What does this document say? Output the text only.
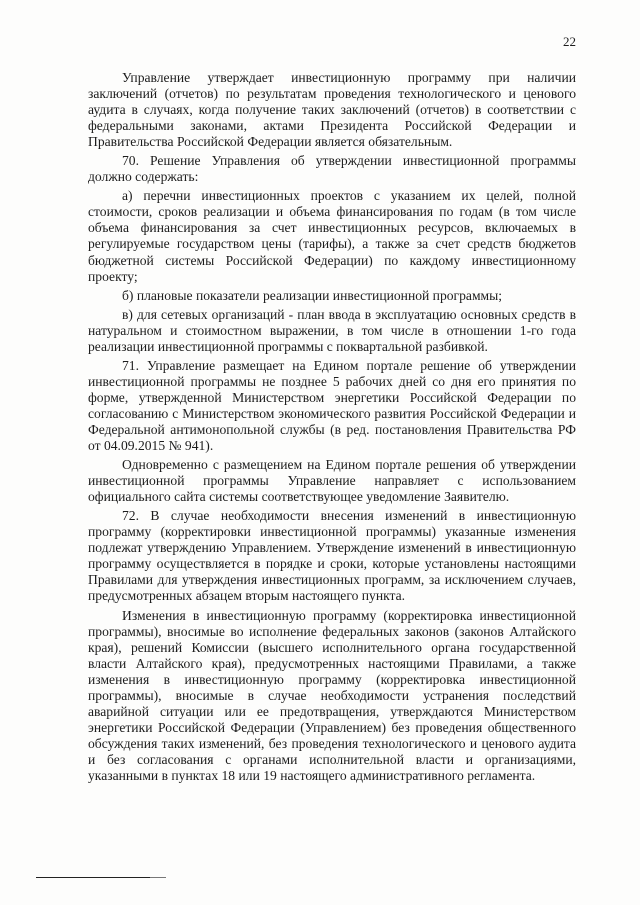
22

Управление утверждает инвестиционную программу при наличии заключений (отчетов) по результатам проведения технологического и ценового аудита в случаях, когда получение таких заключений (отчетов) в соответствии с федеральными законами, актами Президента Российской Федерации и Правительства Российской Федерации является обязательным.

70. Решение Управления об утверждении инвестиционной программы должно содержать:

а) перечни инвестиционных проектов с указанием их целей, полной стоимости, сроков реализации и объема финансирования по годам (в том числе объема финансирования за счет инвестиционных ресурсов, включаемых в регулируемые государством цены (тарифы), а также за счет средств бюджетов бюджетной системы Российской Федерации) по каждому инвестиционному проекту;

б) плановые показатели реализации инвестиционной программы;

в) для сетевых организаций - план ввода в эксплуатацию основных средств в натуральном и стоимостном выражении, в том числе в отношении 1-го года реализации инвестиционной программы с поквартальной разбивкой.

71. Управление размещает на Едином портале решение об утверждении инвестиционной программы не позднее 5 рабочих дней со дня его принятия по форме, утвержденной Министерством энергетики Российской Федерации по согласованию с Министерством экономического развития Российской Федерации и Федеральной антимонопольной службы (в ред. постановления Правительства РФ от 04.09.2015 № 941).

Одновременно с размещением на Едином портале решения об утверждении инвестиционной программы Управление направляет с использованием официального сайта системы соответствующее уведомление Заявителю.

72. В случае необходимости внесения изменений в инвестиционную программу (корректировки инвестиционной программы) указанные изменения подлежат утверждению Управлением. Утверждение изменений в инвестиционную программу осуществляется в порядке и сроки, которые установлены настоящими Правилами для утверждения инвестиционных программ, за исключением случаев, предусмотренных абзацем вторым настоящего пункта.

Изменения в инвестиционную программу (корректировка инвестиционной программы), вносимые во исполнение федеральных законов (законов Алтайского края), решений Комиссии (высшего исполнительного органа государственной власти Алтайского края), предусмотренных настоящими Правилами, а также изменения в инвестиционную программу (корректировка инвестиционной программы), вносимые в случае необходимости устранения последствий аварийной ситуации или ее предотвращения, утверждаются Министерством энергетики Российской Федерации (Управлением) без проведения общественного обсуждения таких изменений, без проведения технологического и ценового аудита и без согласования с органами исполнительной власти и организациями, указанными в пунктах 18 или 19 настоящего административного регламента.
